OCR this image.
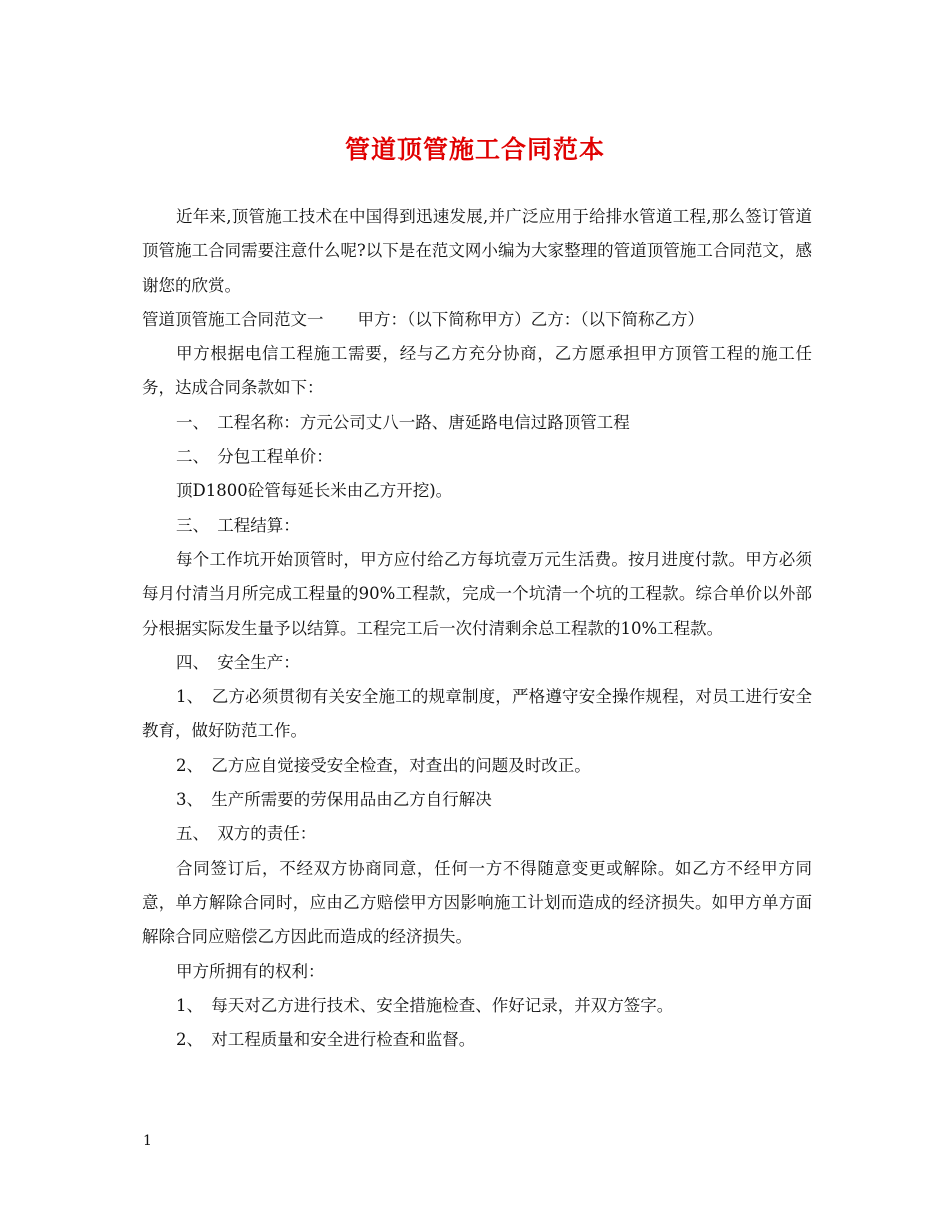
管道顶管施工合同范本

近年来,顶管施工技术在中国得到迅速发展,并广泛应用于给排水管道工程,那么签订管道顶管施工合同需要注意什么呢?以下是在范文网小编为大家整理的管道顶管施工合同范文，感谢您的欣赏。

管道顶管施工合同范文一 甲方：（以下简称甲方）乙方：（以下简称乙方）

甲方根据电信工程施工需要，经与乙方充分协商，乙方愿承担甲方顶管工程的施工任务，达成合同条款如下：

一、　工程名称：方元公司丈八一路、唐延路电信过路顶管工程

二、　分包工程单价：

顶D1800砼管每延长米由乙方开挖)。

三、　工程结算：

每个工作坑开始顶管时，甲方应付给乙方每坑壹万元生活费。按月进度付款。甲方必须每月付清当月所完成工程量的90%工程款，完成一个坑清一个坑的工程款。综合单价以外部分根据实际发生量予以结算。工程完工后一次付清剩余总工程款的10%工程款。

四、　安全生产：

1、　乙方必须贯彻有关安全施工的规章制度，严格遵守安全操作规程，对员工进行安全教育，做好防范工作。

2、　乙方应自觉接受安全检查，对查出的问题及时改正。

3、　生产所需要的劳保用品由乙方自行解决

五、　双方的责任：

合同签订后，不经双方协商同意，任何一方不得随意变更或解除。如乙方不经甲方同意，单方解除合同时，应由乙方赔偿甲方因影响施工计划而造成的经济损失。如甲方单方面解除合同应赔偿乙方因此而造成的经济损失。

甲方所拥有的权利：

1、　每天对乙方进行技术、安全措施检查、作好记录，并双方签字。

2、　对工程质量和安全进行检查和监督。

1
